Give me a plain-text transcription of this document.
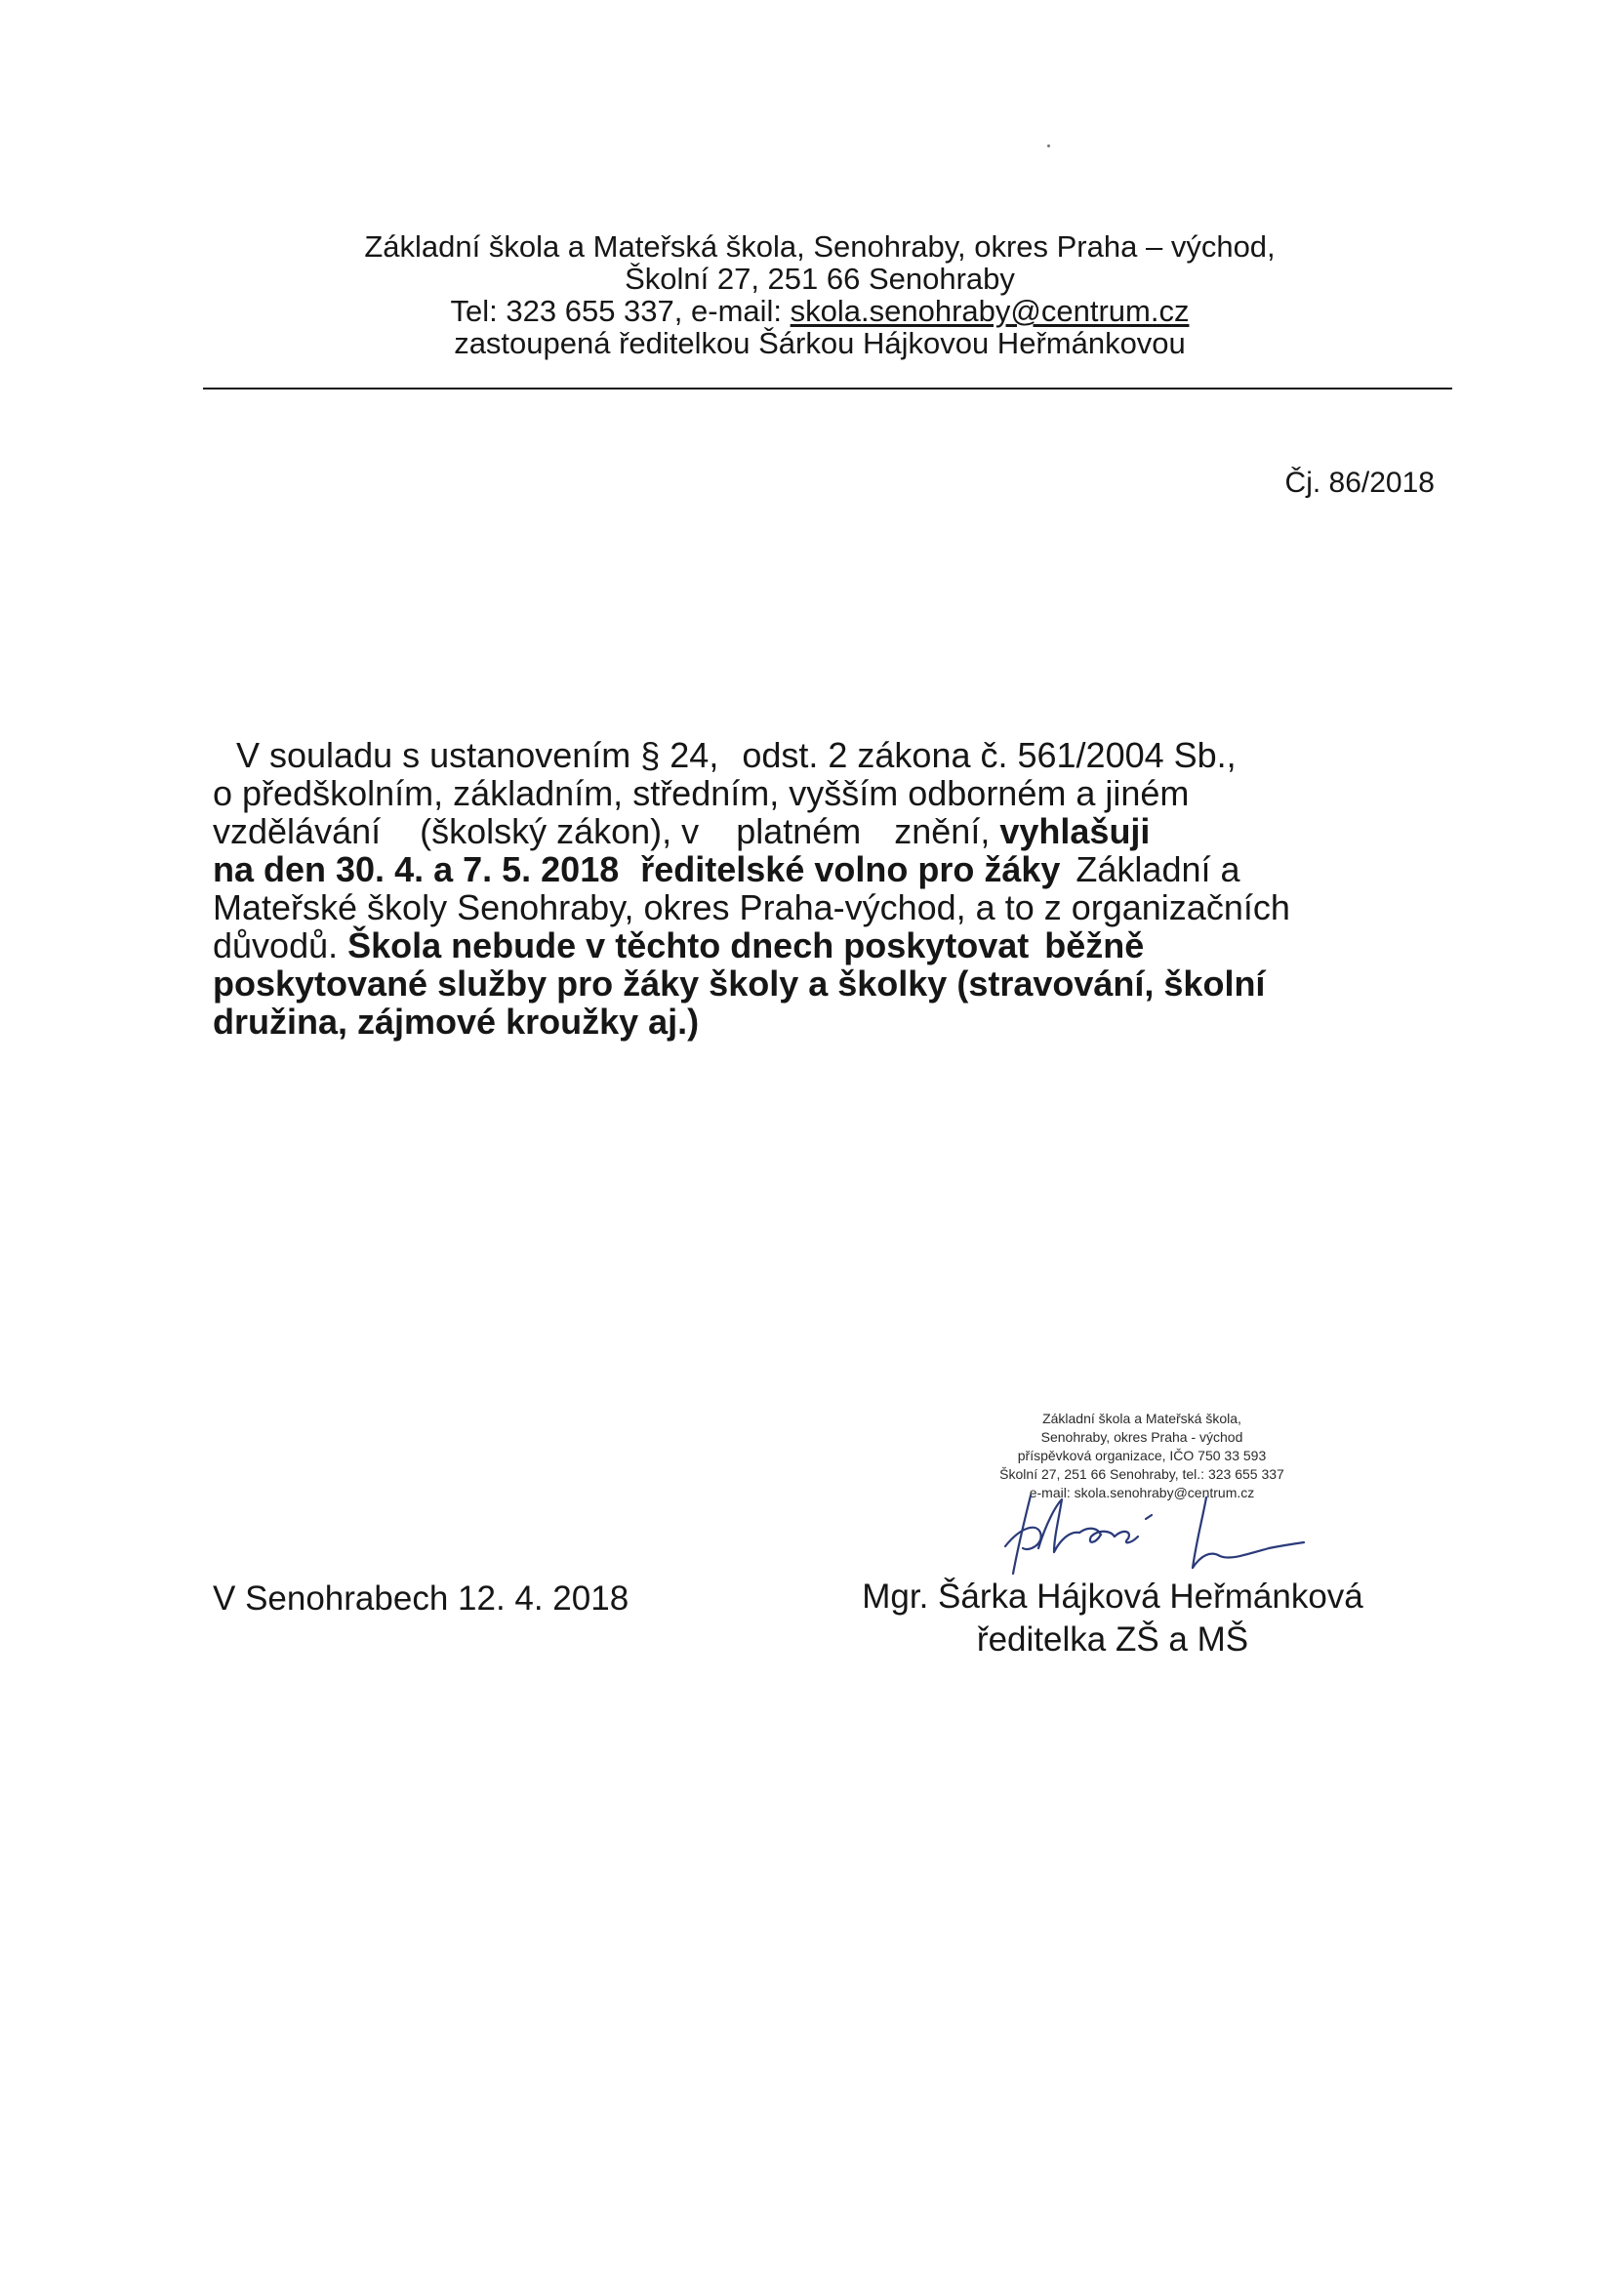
Základní škola a Mateřská škola, Senohraby, okres Praha – východ,
Školní 27, 251 66 Senohraby
Tel: 323 655 337, e-mail: skola.senohraby@centrum.cz
zastoupená ředitelkou Šárkou Hájkovou Heřmánkovou
Čj. 86/2018
V souladu s ustanovením § 24, odst. 2 zákona č. 561/2004 Sb.,
o předškolním, základním, středním, vyšším odborném a jiném
vzdělávání (školský zákon), v platném znění, vyhlašuji
na den 30. 4. a 7. 5. 2018 ředitelské volno pro žáky Základní a
Mateřské školy Senohraby, okres Praha-východ, a to z organizačních
důvodů. Škola nebude v těchto dnech poskytovat běžně
poskytované služby pro žáky školy a školky (stravování, školní
družina, zájmové kroužky aj.)
Základní škola a Mateřská škola,
Senohraby, okres Praha - východ
příspěvková organizace, IČO 750 33 593
Školní 27, 251 66 Senohraby, tel.: 323 655 337
e-mail: skola.senohraby@centrum.cz
V Senohrabech 12. 4. 2018	Mgr. Šárka Hájková Heřmánková
ředitelka ZŠ a MŠ
